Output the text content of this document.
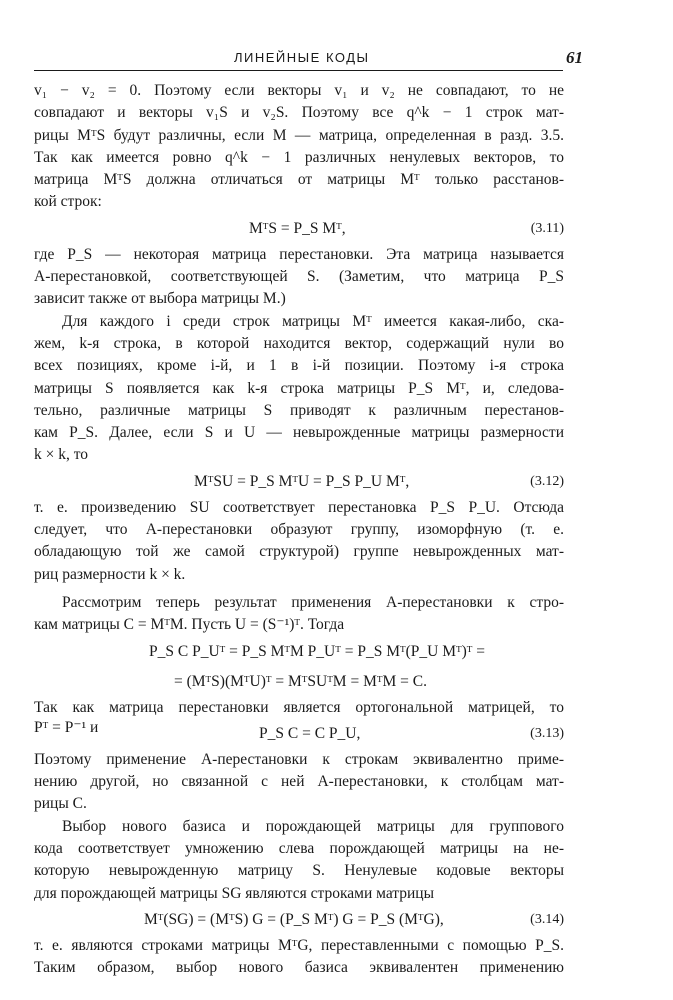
ЛИНЕЙНЫЕ КОДЫ	61
v₁ − v₂ = 0. Поэтому если векторы v₁ и v₂ не совпадают, то не
совпадают и векторы v₁S и v₂S. Поэтому все q^k − 1 строк мат-
рицы MᵀS будут различны, если M — матрица, определенная в разд. 3.5.
Так как имеется ровно q^k − 1 различных ненулевых векторов, то
матрица MᵀS должна отличаться от матрицы Mᵀ только расстанов-
кой строк:
MᵀS = P_S Mᵀ,	(3.11)
где P_S — некоторая матрица перестановки. Эта матрица называется
A-перестановкой, соответствующей S. (Заметим, что матрица P_S
зависит также от выбора матрицы M.)
Для каждого i среди строк матрицы Mᵀ имеется какая-либо, ска-
жем, k-я строка, в которой находится вектор, содержащий нули во
всех позициях, кроме i-й, и 1 в i-й позиции. Поэтому i-я строка
матрицы S появляется как k-я строка матрицы P_S Mᵀ, и, следова-
тельно, различные матрицы S приводят к различным перестанов-
кам P_S. Далее, если S и U — невырожденные матрицы размерности
k × k, то
MᵀSU = P_S MᵀU = P_S P_U Mᵀ,	(3.12)
т. е. произведению SU соответствует перестановка P_S P_U. Отсюда
следует, что A-перестановки образуют группу, изоморфную (т. е.
обладающую той же самой структурой) группе невырожденных мат-
риц размерности k × k.
Рассмотрим теперь результат применения A-перестановки к стро-
кам матрицы C = MᵀM. Пусть U = (S⁻¹)ᵀ. Тогда
P_S C P_Uᵀ = P_S MᵀM P_Uᵀ = P_S Mᵀ(P_U Mᵀ)ᵀ =
= (MᵀS)(MᵀU)ᵀ = MᵀSUᵀM = MᵀM = C.
Так как матрица перестановки является ортогональной матрицей, то
Pᵀ = P⁻¹ и	P_S C = C P_U,	(3.13)
Поэтому применение A-перестановки к строкам эквивалентно приме-
нению другой, но связанной с ней A-перестановки, к столбцам мат-
рицы C.
Выбор нового базиса и порождающей матрицы для группового
кода соответствует умножению слева порождающей матрицы на не-
которую невырожденную матрицу S. Ненулевые кодовые векторы
для порождающей матрицы SG являются строками матрицы
Mᵀ(SG) = (MᵀS) G = (P_S Mᵀ) G = P_S (MᵀG),	(3.14)
т. е. являются строками матрицы MᵀG, переставленными с помощью P_S.
Таким образом, выбор нового базиса эквивалентен применению
